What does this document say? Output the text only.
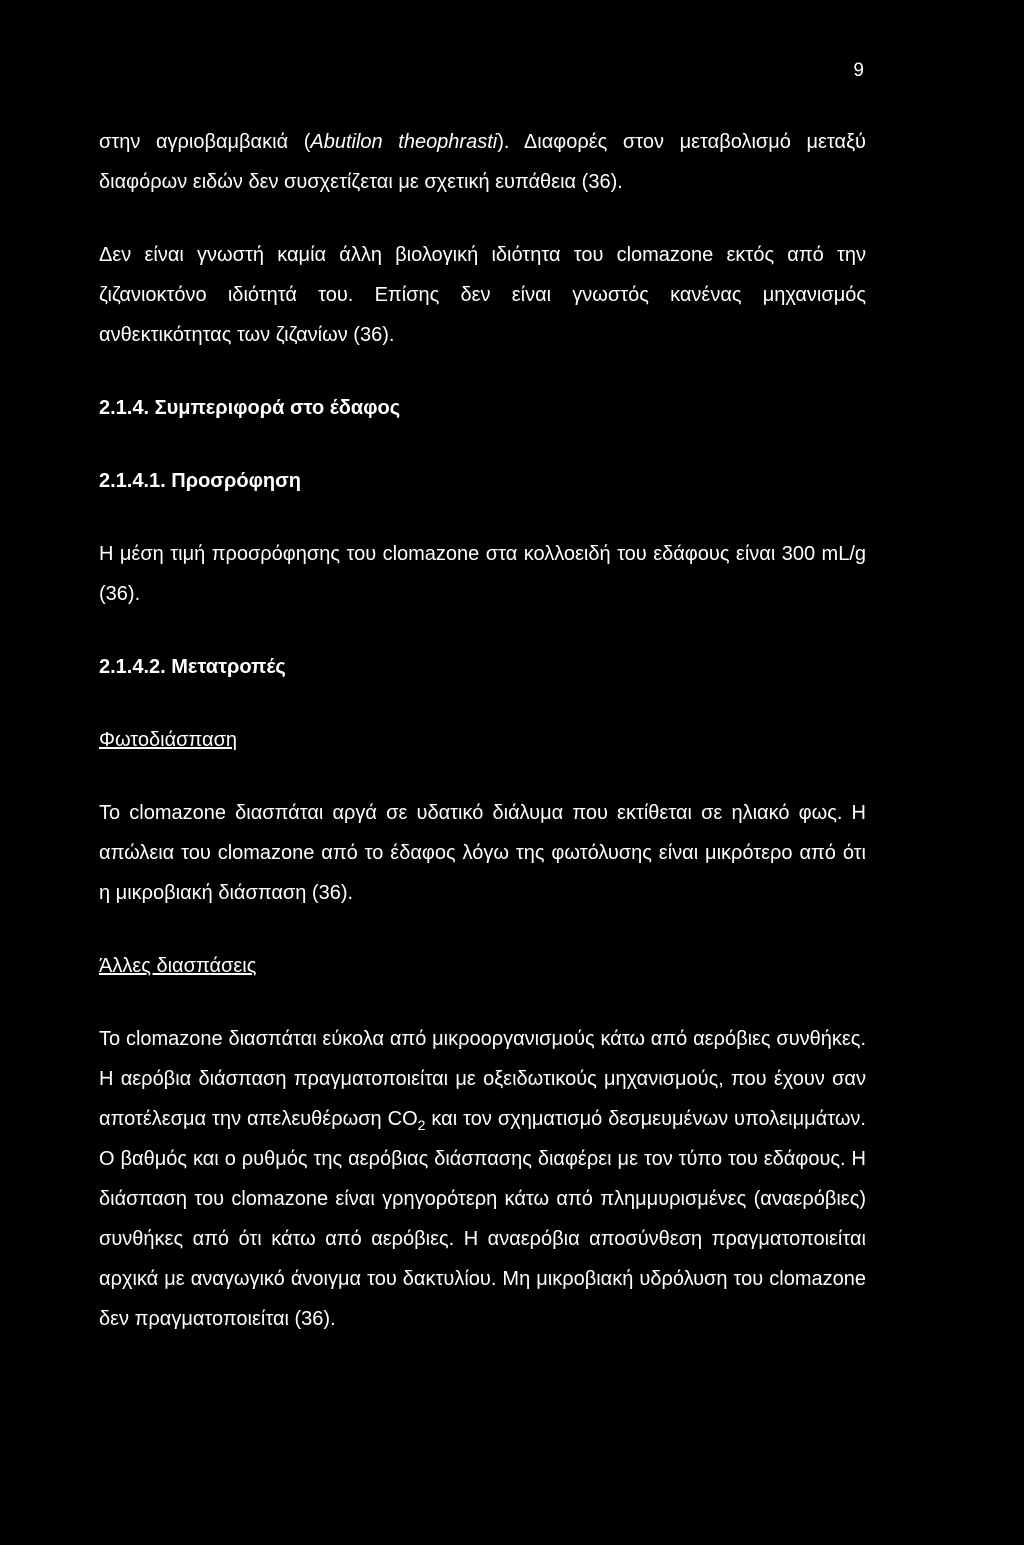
9

στην αγριοβαμβακιά (Abutilon theophrasti). Διαφορές στον μεταβολισμό μεταξύ διαφόρων ειδών δεν συσχετίζεται με σχετική ευπάθεια (36).

Δεν είναι γνωστή καμία άλλη βιολογική ιδιότητα του clomazone εκτός από την ζιζανιοκτόνο ιδιότητά του. Επίσης δεν είναι γνωστός κανένας μηχανισμός ανθεκτικότητας των ζιζανίων (36).

2.1.4. Συμπεριφορά στο έδαφος
2.1.4.1. Προσρόφηση

Η μέση τιμή προσρόφησης του clomazone στα κολλοειδή του εδάφους είναι 300 mL/g (36).

2.1.4.2. Μετατροπές
Φωτοδιάσπαση

Το clomazone διασπάται αργά σε υδατικό διάλυμα που εκτίθεται σε ηλιακό φως. Η απώλεια του clomazone από το έδαφος λόγω της φωτόλυσης είναι μικρότερο από ότι η μικροβιακή διάσπαση (36).

Άλλες διασπάσεις

Το clomazone διασπάται εύκολα από μικροοργανισμούς κάτω από αερόβιες συνθήκες. Η αερόβια διάσπαση πραγματοποιείται με οξειδωτικούς μηχανισμούς, που έχουν σαν αποτέλεσμα την απελευθέρωση $CO_2$ και τον σχηματισμό δεσμευμένων υπολειμμάτων. Ο βαθμός και ο ρυθμός της αερόβιας διάσπασης διαφέρει με τον τύπο του εδάφους. Η διάσπαση του clomazone είναι γρηγορότερη κάτω από πλημμυρισμένες (αναερόβιες) συνθήκες από ότι κάτω από αερόβιες. Η αναερόβια αποσύνθεση πραγματοποιείται αρχικά με αναγωγικό άνοιγμα του δακτυλίου. Μη μικροβιακή υδρόλυση του clomazone δεν πραγματοποιείται (36).
